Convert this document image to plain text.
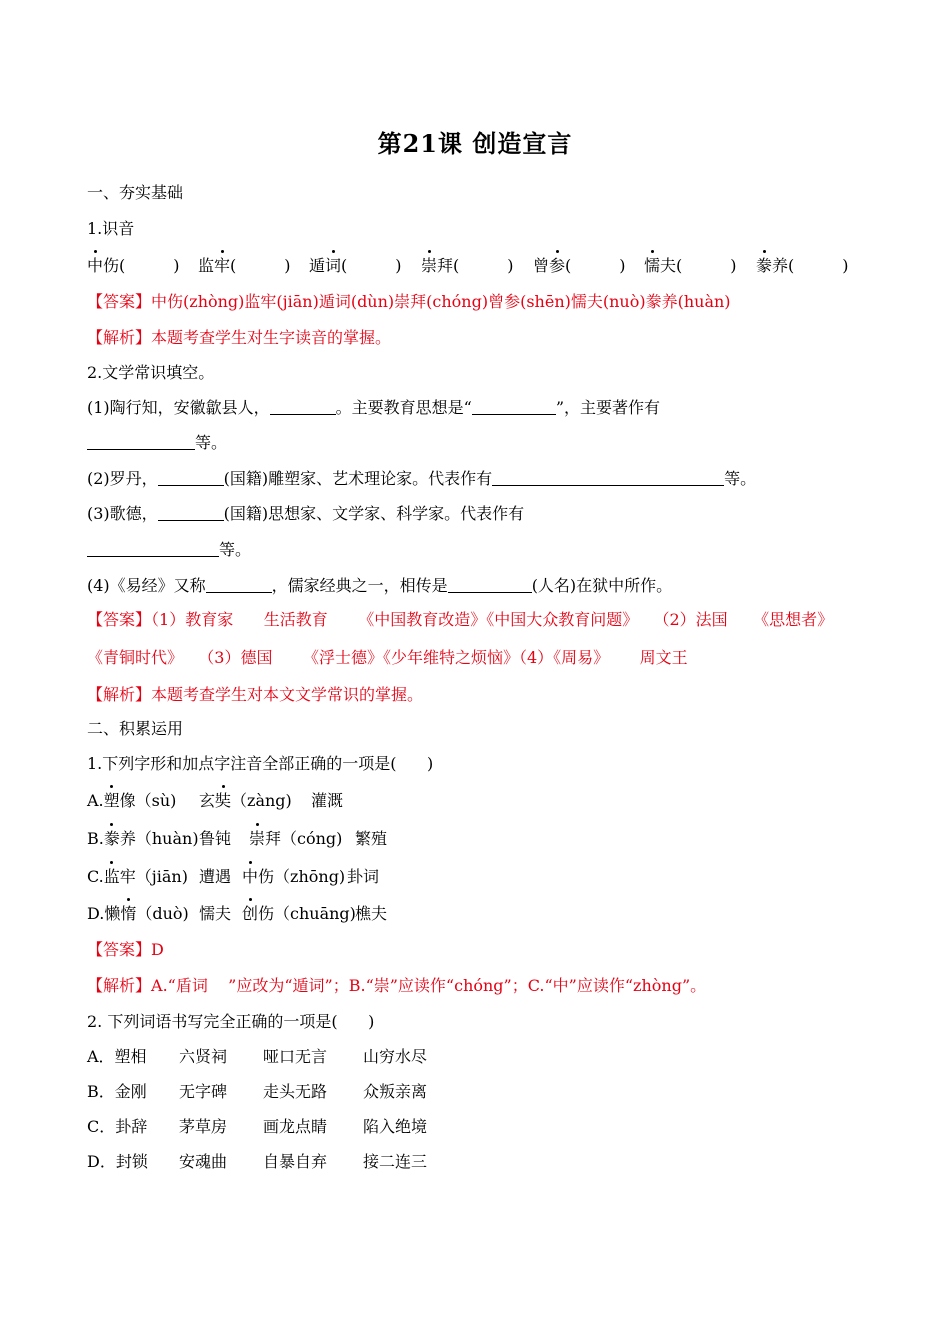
第21课 创造宣言
一、夯实基础
1.识音
中伤(	) 监牢(	) 遁词(	) 崇拜(	) 曾参(	) 懦夫(	) 豢养(	)
【答案】中伤(zhòng)监牢(jiān)遁词(dùn)崇拜(chóng)曾参(shēn)懦夫(nuò)豢养(huàn)
【解析】本题考查学生对生字读音的掌握。
2.文学常识填空。
(1)陶行知，安徽歙县人，	。主要教育思想是“	”，主要著作有
等。
(2)罗丹，	(国籍)雕塑家、艺术理论家。代表作有	等。
(3)歌德，	(国籍)思想家、文学家、科学家。代表作有
等。
(4)《易经》又称	，儒家经典之一，相传是	(人名)在狱中所作。
【答案】（1）教育家      生活教育      《中国教育改造》《中国大众教育问题》   （2）法国     《思想者》
《青铜时代》   （3）德国      《浮士德》《少年维特之烦恼》（4）《周易》      周文王
【解析】本题考查学生对本文文学常识的掌握。
二、积累运用
1.下列字形和加点字注音全部正确的一项是(      )
A.塑像（sù) 玄奘（zàng) 灌溉
B.豢养（huàn) 鲁钝 崇拜（cóng) 繁殖
C.监牢（jiān) 遭遇 中伤（zhōng) 卦词
D.懒惰（duò) 懦夫 创伤（chuāng) 樵夫
【答案】D
【解析】A.“盾词    ”应改为“遁词”；B.“崇”应读作“chóng”；C.“中”应读作“zhòng”。
2. 下列词语书写完全正确的一项是(      )
A．塑相 六贤祠 哑口无言 山穷水尽
B．金刚 无字碑 走头无路 众叛亲离
C．卦辞 茅草房 画龙点睛 陷入绝境
D．封锁 安魂曲 自暴自弃 接二连三
